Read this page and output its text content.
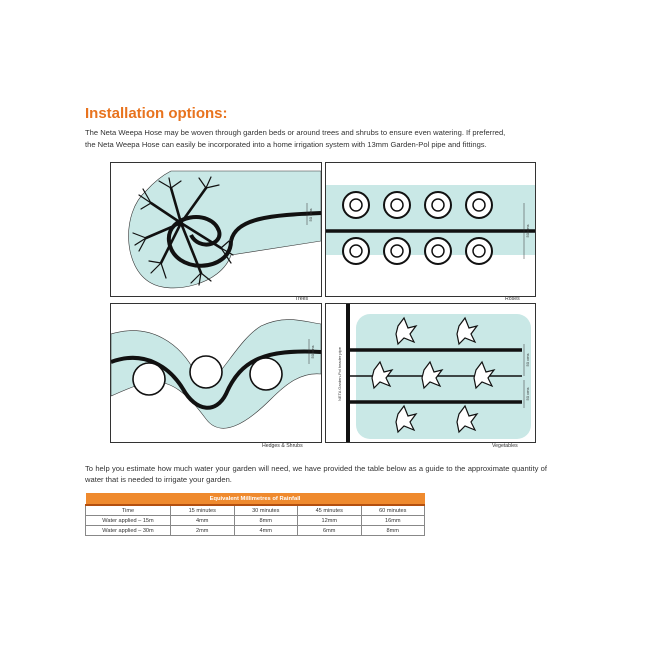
Installation options:

The Neta Weepa Hose may be woven through garden beds or around trees and shrubs to ensure even watering. If preferred,
the Neta Weepa Hose can easily be incorporated into a home irrigation system with 13mm Garden-Pol pipe and fittings.

50 cms
Trees
50 cms
Roses
50 cms
Hedges & Shrubs
50 cms
50 cms
NETA Garden-Pol header pipe
Vegetables

To help you estimate how much water your garden will need, we have provided the table below as a guide to the approximate quantity of water that is needed to irrigate your garden.

Equivalent Millimetres of Rainfall				
Time	15 minutes	30 minutes	45 minutes	60 minutes
Water applied – 15m	4mm	8mm	12mm	16mm
Water applied – 30m	2mm	4mm	6mm	8mm
